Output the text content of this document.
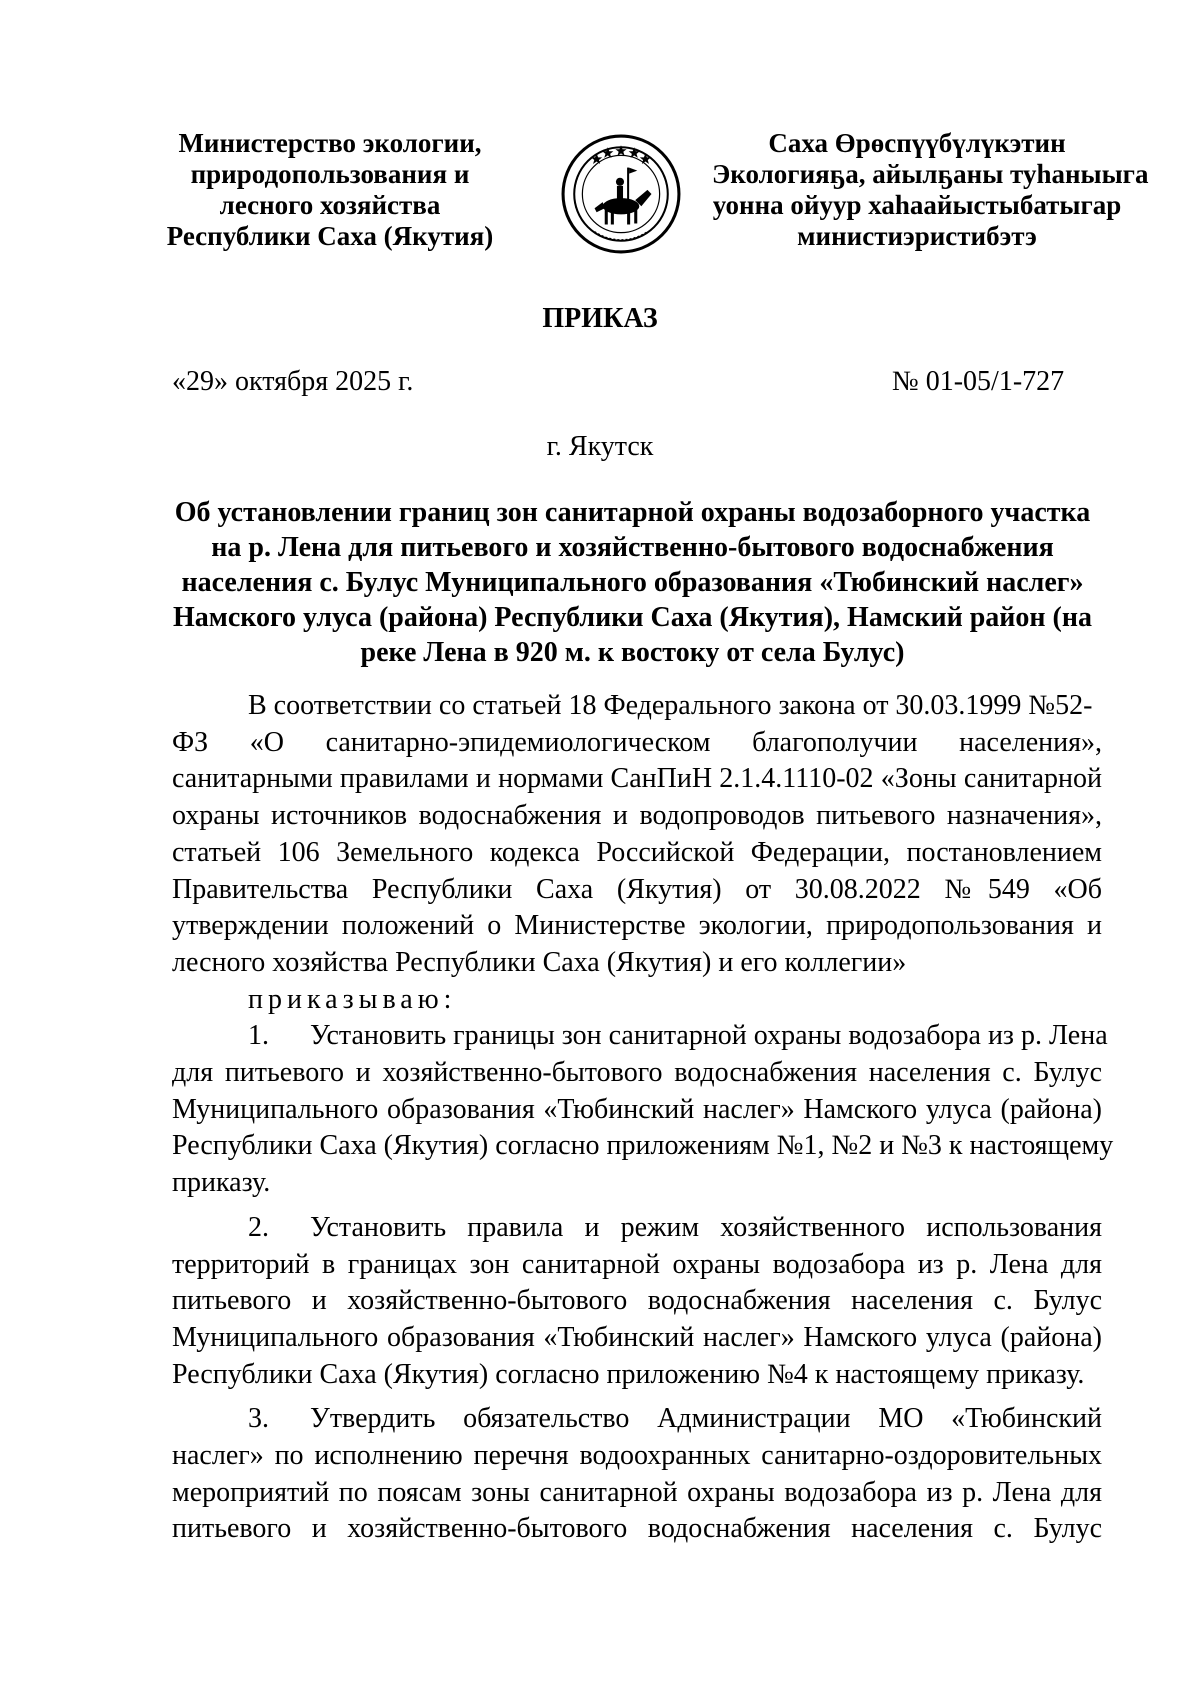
Министерство экологии,
природопользования и
лесного хозяйства
Республики Саха (Якутия)
Саха Өрөспүүбүлүкэтин
Экологияҕа, айылҕаны туһаныыга
уонна ойуур хаһаайыстыбатыгар
министиэристибэтэ
ПРИКАЗ
«29» октября 2025 г.	№ 01-05/1-727
г. Якутск
Об установлении границ зон санитарной охраны водозаборного участка
на р. Лена для питьевого и хозяйственно-бытового водоснабжения
населения с. Булус Муниципального образования «Тюбинский наслег»
Намского улуса (района) Республики Саха (Якутия), Намский район (на
реке Лена в 920 м. к востоку от села Булус)
В соответствии со статьей 18 Федерального закона от 30.03.1999 №52-
ФЗ «О санитарно-эпидемиологическом благополучии населения»,
санитарными правилами и нормами СанПиН 2.1.4.1110-02 «Зоны санитарной
охраны источников водоснабжения и водопроводов питьевого назначения»,
статьей 106 Земельного кодекса Российской Федерации, постановлением
Правительства Республики Саха (Якутия) от 30.08.2022 №549 «Об
утверждении положений о Министерстве экологии, природопользования и
лесного хозяйства Республики Саха (Якутия) и его коллегии»
приказываю:
1. Установить границы зон санитарной охраны водозабора из р. Лена
для питьевого и хозяйственно-бытового водоснабжения населения с. Булус
Муниципального образования «Тюбинский наслег» Намского улуса (района)
Республики Саха (Якутия) согласно приложениям №1, №2 и №3 к настоящему
приказу.
2. Установить правила и режим хозяйственного использования
территорий в границах зон санитарной охраны водозабора из р. Лена для
питьевого и хозяйственно-бытового водоснабжения населения с. Булус
Муниципального образования «Тюбинский наслег» Намского улуса (района)
Республики Саха (Якутия) согласно приложению №4 к настоящему приказу.
3. Утвердить обязательство Администрации МО «Тюбинский
наслег» по исполнению перечня водоохранных санитарно-оздоровительных
мероприятий по поясам зоны санитарной охраны водозабора из р. Лена для
питьевого и хозяйственно-бытового водоснабжения населения с. Булус
